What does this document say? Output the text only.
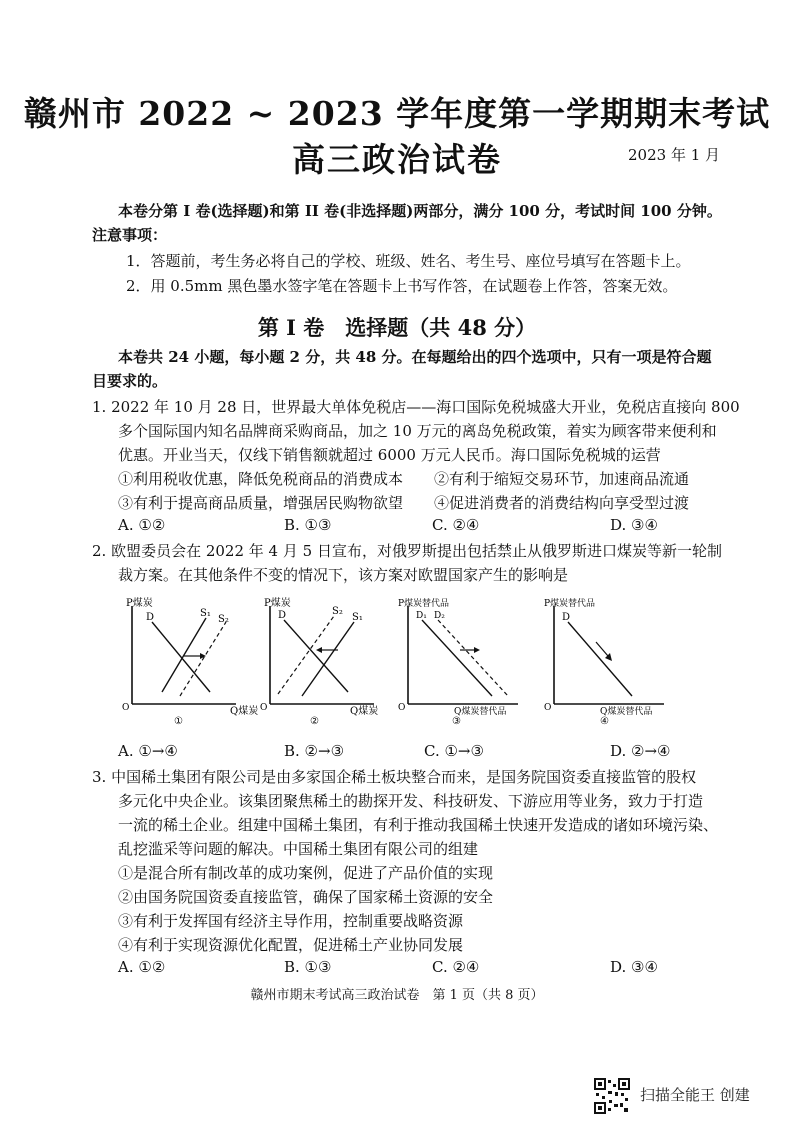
赣州市 2022 ~ 2023 学年度第一学期期末考试
高三政治试卷	2023 年 1 月
本卷分第 I 卷(选择题)和第 II 卷(非选择题)两部分，满分 100 分，考试时间 100 分钟。
注意事项：
1．答题前，考生务必将自己的学校、班级、姓名、考生号、座位号填写在答题卡上。
2．用 0.5mm 黑色墨水签字笔在答题卡上书写作答，在试题卷上作答，答案无效。
第 I 卷　选择题（共 48 分）
本卷共 24 小题，每小题 2 分，共 48 分。在每题给出的四个选项中，只有一项是符合题
目要求的。
1. 2022 年 10 月 28 日，世界最大单体免税店——海口国际免税城盛大开业，免税店直接向 800
多个国际国内知名品牌商采购商品，加之 10 万元的离岛免税政策，着实为顾客带来便利和
优惠。开业当天，仅线下销售额就超过 6000 万元人民币。海口国际免税城的运营
①利用税收优惠，降低免税商品的消费成本 ②有利于缩短交易环节，加速商品流通
③有利于提高商品质量，增强居民购物欲望 ④促进消费者的消费结构向享受型过渡
A. ①②	B. ①③	C. ②④	D. ③④
2. 欧盟委员会在 2022 年 4 月 5 日宣布，对俄罗斯提出包括禁止从俄罗斯进口煤炭等新一轮制
裁方案。在其他条件不变的情况下，该方案对欧盟国家产生的影响是
P煤炭
Q煤炭
O
D	S₁
S₂
①
P煤炭
Q煤炭
O
D	S₂
S₁
②
P煤炭替代品
Q煤炭替代品
O
D₁ D₂
③
P煤炭替代品
Q煤炭替代品
O
D
④
A. ①→④	B. ②→③	C. ①→③	D. ②→④
3. 中国稀土集团有限公司是由多家国企稀土板块整合而来，是国务院国资委直接监管的股权
多元化中央企业。该集团聚焦稀土的勘探开发、科技研发、下游应用等业务，致力于打造
一流的稀土企业。组建中国稀土集团，有利于推动我国稀土快速开发造成的诸如环境污染、
乱挖滥采等问题的解决。中国稀土集团有限公司的组建
①是混合所有制改革的成功案例，促进了产品价值的实现
②由国务院国资委直接监管，确保了国家稀土资源的安全
③有利于发挥国有经济主导作用，控制重要战略资源
④有利于实现资源优化配置，促进稀土产业协同发展
A. ①②	B. ①③	C. ②④	D. ③④
赣州市期末考试高三政治试卷　第 1 页（共 8 页）
扫描全能王 创建
